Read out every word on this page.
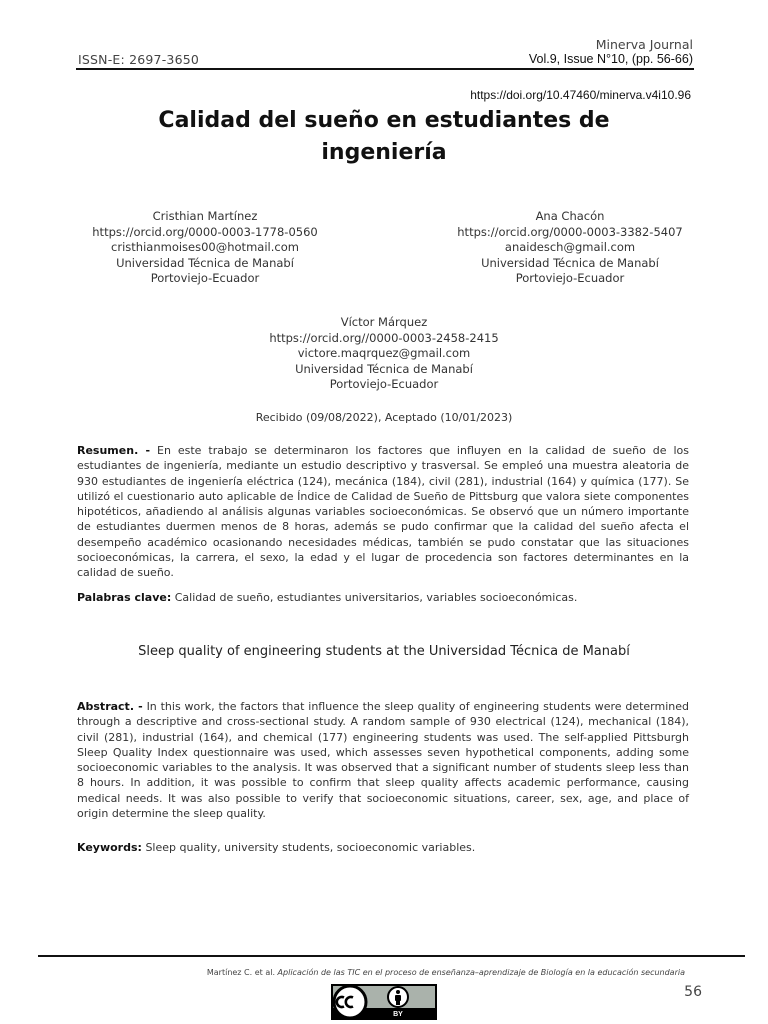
ISSN-E: 2697-3650
Minerva Journal
Vol.9, Issue N°10, (pp. 56-66)
https://doi.org/10.47460/minerva.v4i10.96
Calidad del sueño en estudiantes de ingeniería
Cristhian Martínez
https://orcid.org/0000-0003-1778-0560
cristhianmoises00@hotmail.com
Universidad Técnica de Manabí
Portoviejo-Ecuador
Ana Chacón
https://orcid.org/0000-0003-3382-5407
anaidesch@gmail.com
Universidad Técnica de Manabí
Portoviejo-Ecuador
Víctor Márquez
https://orcid.org//0000-0003-2458-2415
victore.maqrquez@gmail.com
Universidad Técnica de Manabí
Portoviejo-Ecuador
Recibido (09/08/2022), Aceptado (10/01/2023)
Resumen. - En este trabajo se determinaron los factores que influyen en la calidad de sueño de los estudiantes de ingeniería, mediante un estudio descriptivo y trasversal. Se empleó una muestra aleatoria de 930 estudiantes de ingeniería eléctrica (124), mecánica (184), civil (281), industrial (164) y química (177). Se utilizó el cuestionario auto aplicable de Índice de Calidad de Sueño de Pittsburg que valora siete componentes hipotéticos, añadiendo al análisis algunas variables socioeconómicas. Se observó que un número importante de estudiantes duermen menos de 8 horas, además se pudo confirmar que la calidad del sueño afecta el desempeño académico ocasionando necesidades médicas, también se pudo constatar que las situaciones socioeconómicas, la carrera, el sexo, la edad y el lugar de procedencia son factores determinantes en la calidad de sueño.
Palabras clave: Calidad de sueño, estudiantes universitarios, variables socioeconómicas.
Sleep quality of engineering students at the Universidad Técnica de Manabí
Abstract. - In this work, the factors that influence the sleep quality of engineering students were determined through a descriptive and cross-sectional study. A random sample of 930 electrical (124), mechanical (184), civil (281), industrial (164), and chemical (177) engineering students was used. The self-applied Pittsburgh Sleep Quality Index questionnaire was used, which assesses seven hypothetical components, adding some socioeconomic variables to the analysis. It was observed that a significant number of students sleep less than 8 hours. In addition, it was possible to confirm that sleep quality affects academic performance, causing medical needs. It was also possible to verify that socioeconomic situations, career, sex, age, and place of origin determine the sleep quality.
Keywords: Sleep quality, university students, socioeconomic variables.
Martínez C. et al. Aplicación de las TIC en el proceso de enseñanza–aprendizaje de Biología en la educación secundaria
56
BY
